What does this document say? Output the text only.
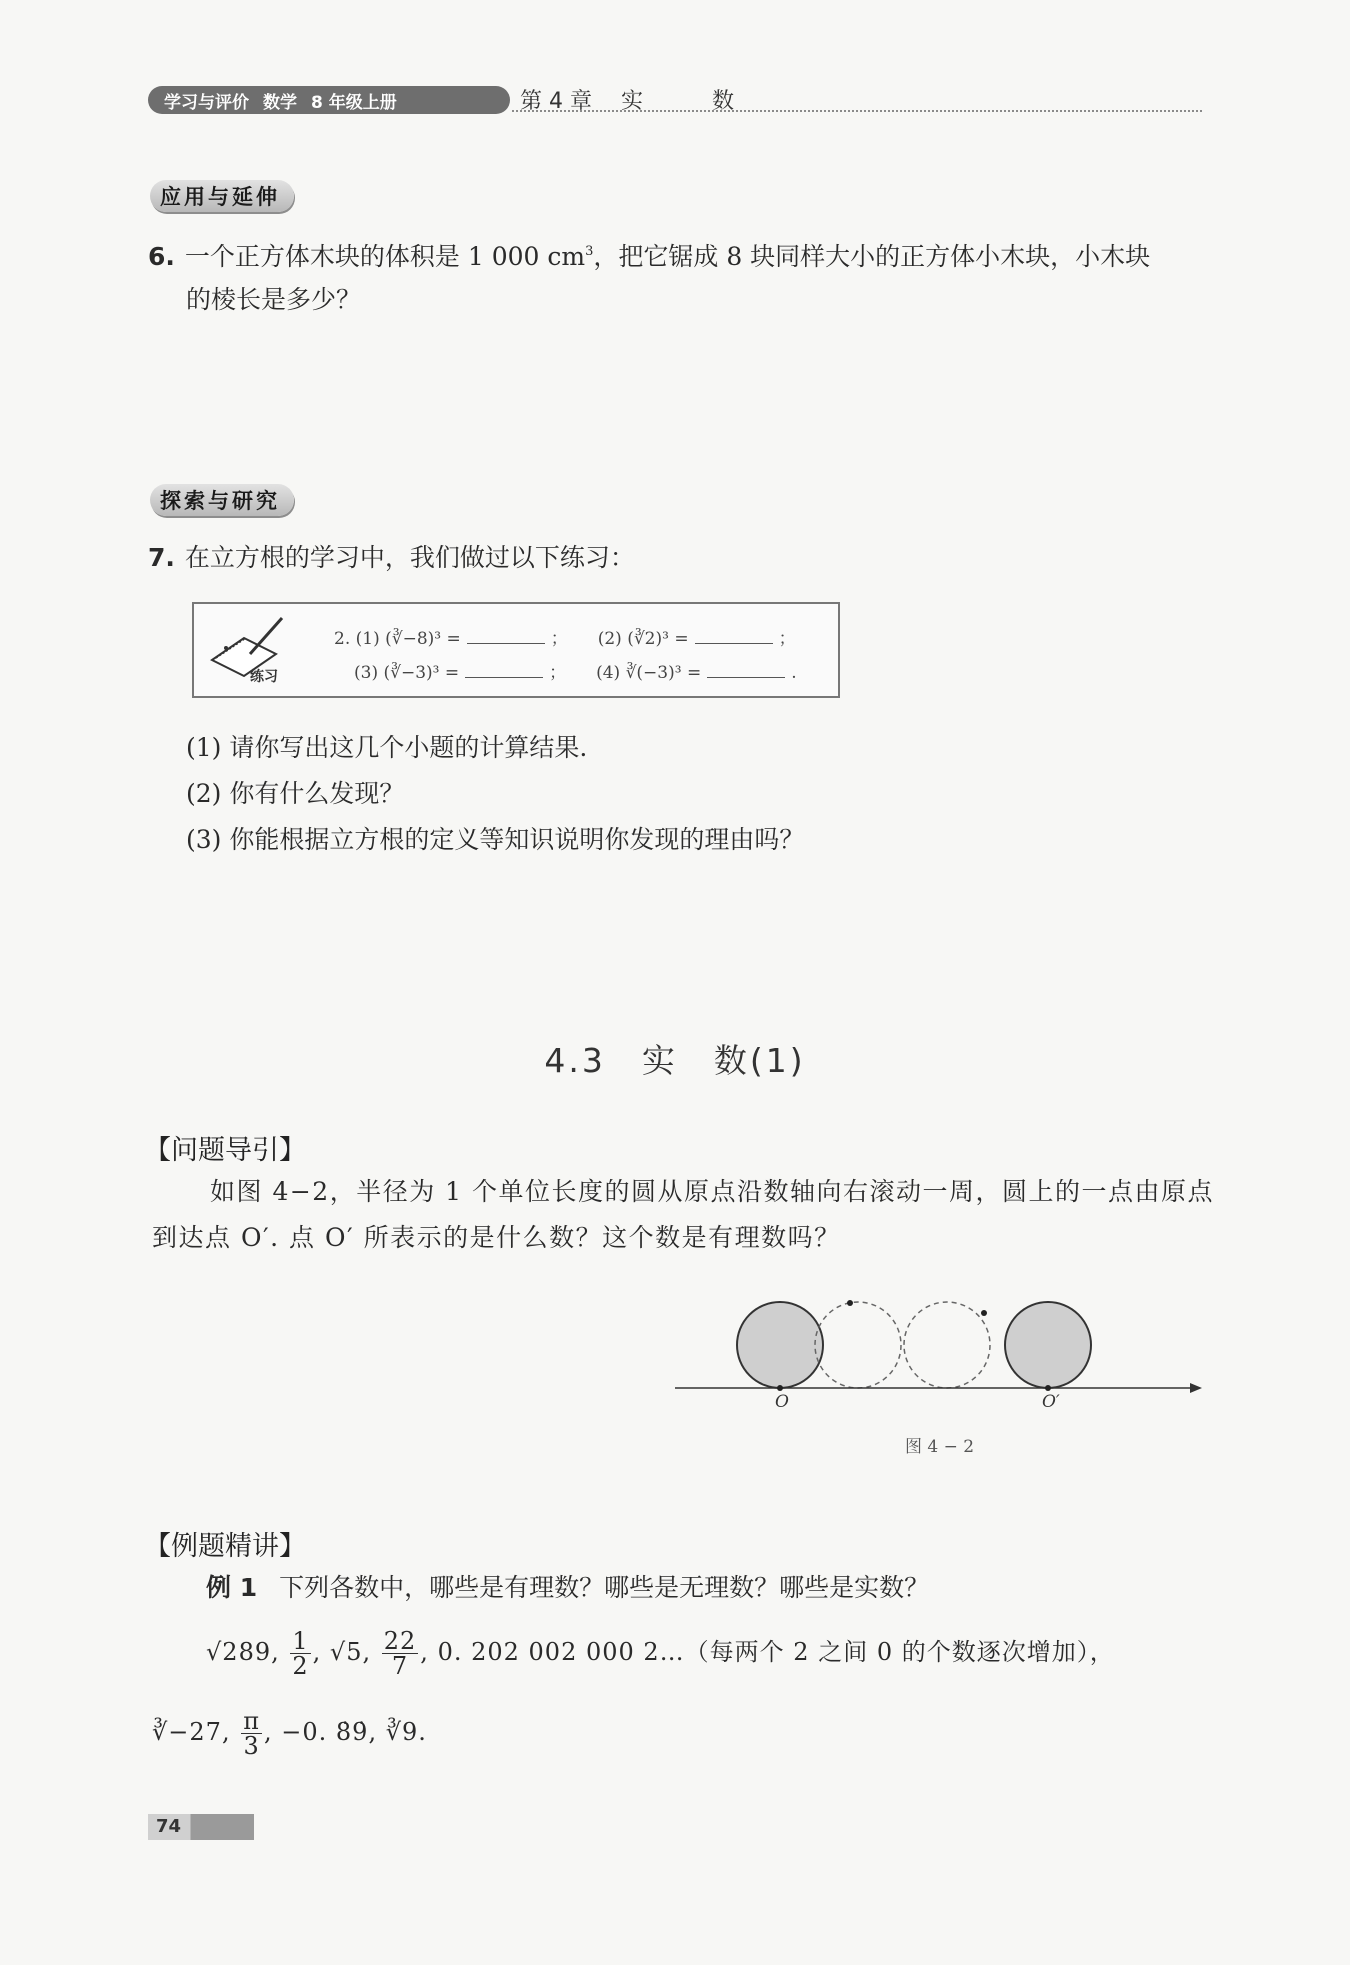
学习与评价 数学 8 年级上册	第 4 章 实	数
应用与延伸
6. 一个正方体木块的体积是 1 000 $cm^3$，把它锯成 8 块同样大小的正方体小木块，小木块
的棱长是多少？
探索与研究
7. 在立方根的学习中，我们做过以下练习：
练习
2. (1) (∛−8)³ =	； (2) (∛2)³ =	；
(3) (∛−3)³ =	； (4) ∛(−3)³ =	.
(1) 请你写出这几个小题的计算结果.
(2) 你有什么发现？
(3) 你能根据立方根的定义等知识说明你发现的理由吗？
4.3　实　数(1)
【问题导引】
如图 4−2，半径为 1 个单位长度的圆从原点沿数轴向右滚动一周，圆上的一点由原点
到达点 O′. 点 O′ 所表示的是什么数？这个数是有理数吗？
O	O′
图 4 − 2
【例题精讲】
例 1 下列各数中，哪些是有理数？哪些是无理数？哪些是实数？
√289, $\frac{1}{2}$ , √5, $\frac{22}{7}$ , 0. 202 002 000 2…（每两个 2 之间 0 的个数逐次增加），
∛−27, $\frac{\pi}{3}$ , −0. 8̇9̇, ∛9.
74
